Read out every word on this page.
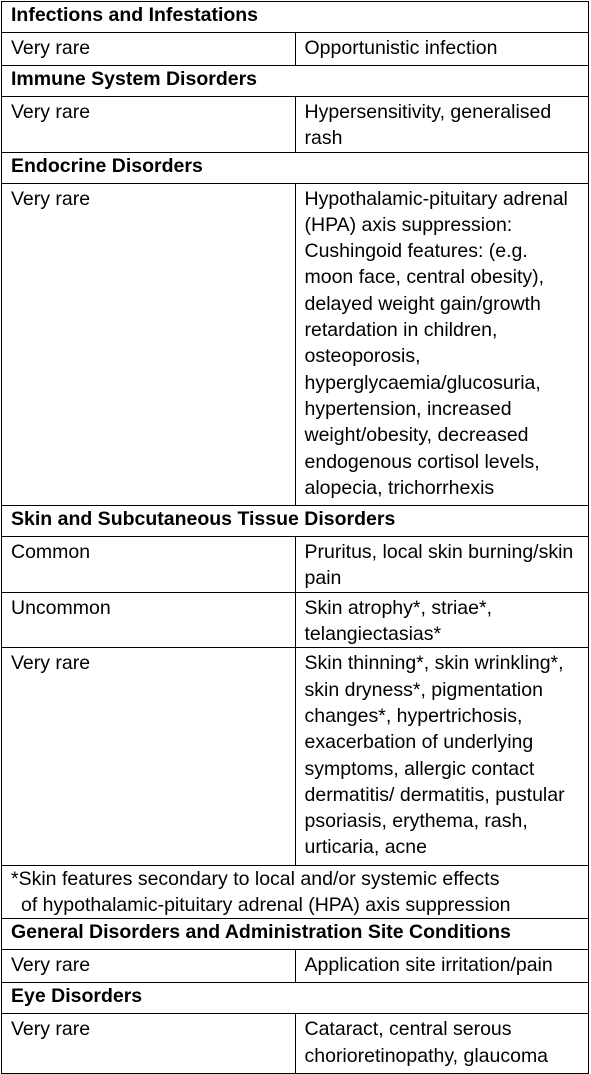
Infections and Infestations	
Very rare	Opportunistic infection
Immune System Disorders	
Very rare	Hypersensitivity, generalised rash
Endocrine Disorders	
Very rare	Hypothalamic-pituitary adrenal (HPA) axis suppression: Cushingoid features: (e.g. moon face, central obesity), delayed weight gain/growth retardation in children, osteoporosis, hyperglycaemia/glucosuria, hypertension, increased weight/obesity, decreased endogenous cortisol levels, alopecia, trichorrhexis
Skin and Subcutaneous Tissue Disorders	
Common	Pruritus, local skin burning/skin pain
Uncommon	Skin atrophy*, striae*, telangiectasias*
Very rare	Skin thinning*, skin wrinkling*, skin dryness*, pigmentation changes*, hypertrichosis, exacerbation of underlying symptoms, allergic contact dermatitis/ dermatitis, pustular psoriasis, erythema, rash, urticaria, acne

*Skin features secondary to local and/or systemic effects
of hypothalamic-pituitary adrenal (HPA) axis suppression	

General Disorders and Administration Site Conditions	
Very rare	Application site irritation/pain
Eye Disorders	
Very rare	Cataract, central serous chorioretinopathy, glaucoma
